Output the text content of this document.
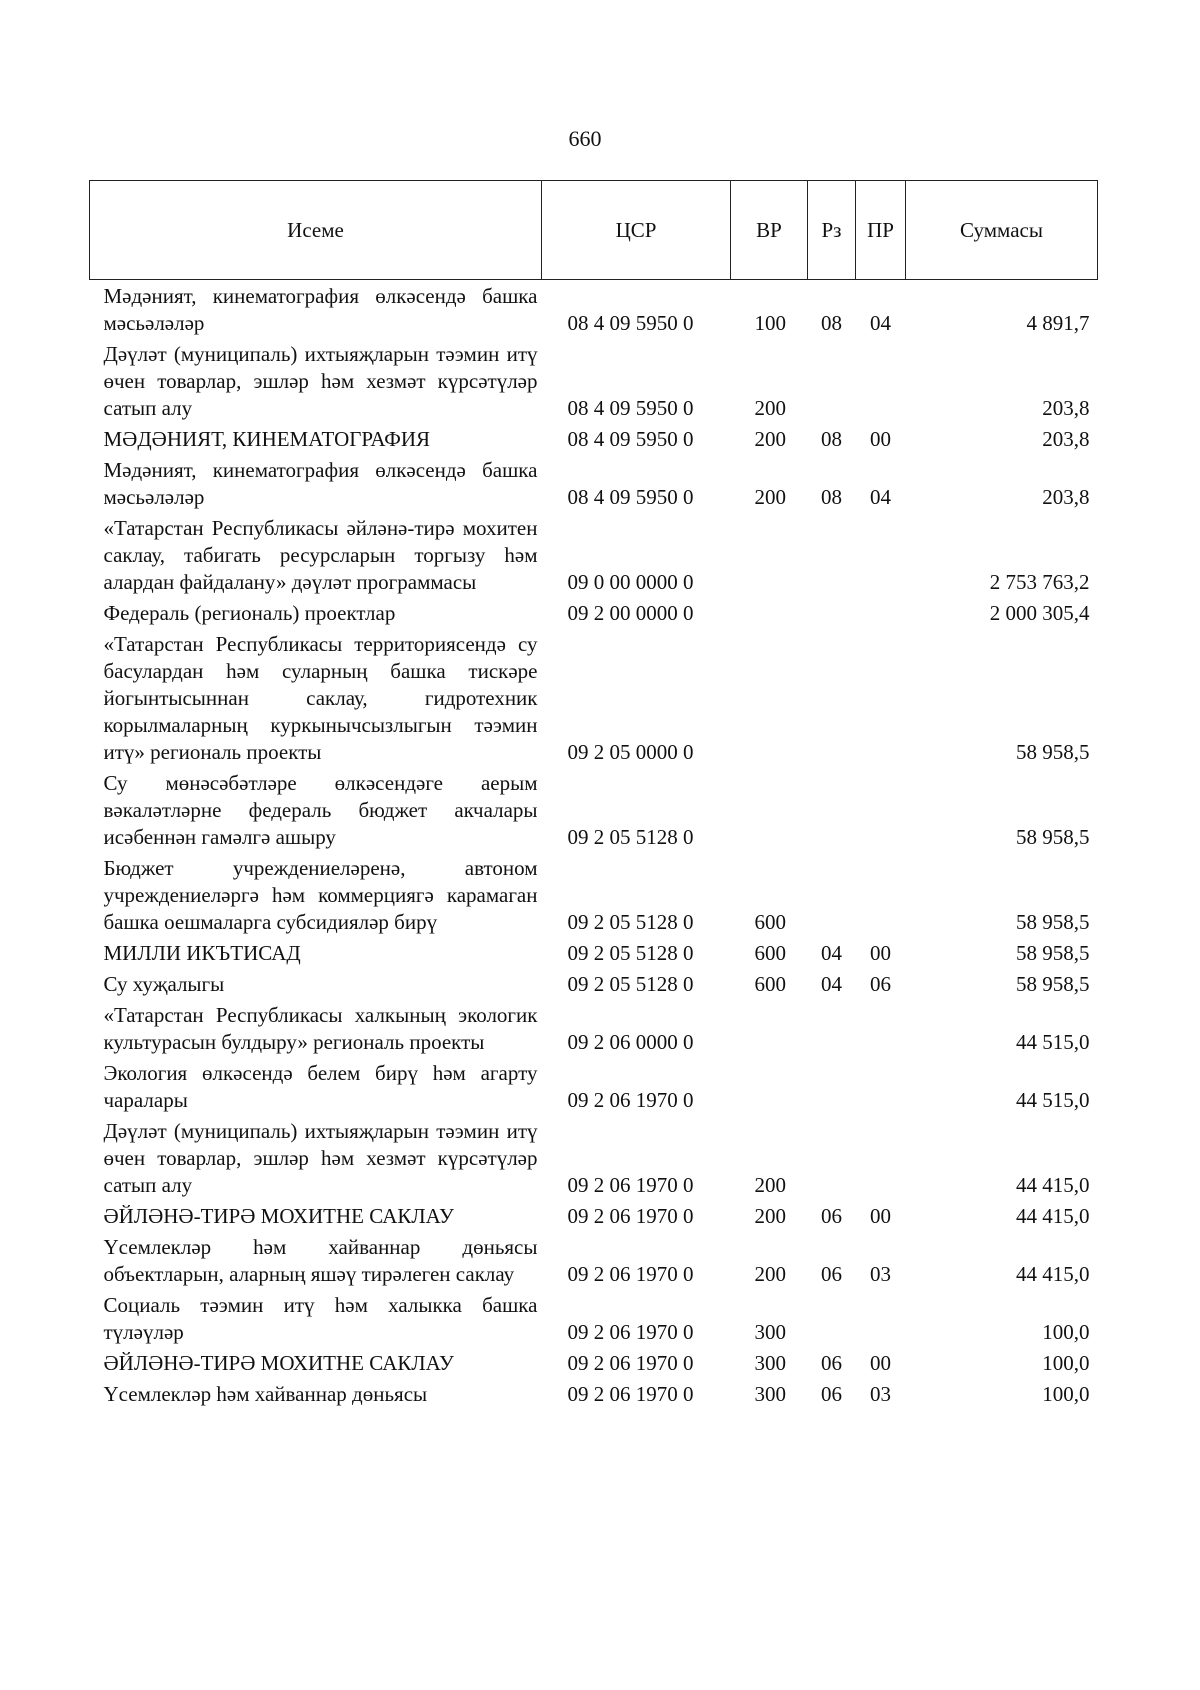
660
Исеме	ЦСР	ВР	Рз	ПР	Суммасы
Мәдәният, кинематография өлкәсендә башка мәсьәләләр	08 4 09 5950 0	100	08	04	4 891,7
Дәүләт (муниципаль) ихтыяҗларын тәэмин итү өчен товарлар, эшләр һәм хезмәт күрсәтүләр сатып алу	08 4 09 5950 0	200			203,8
МӘДӘНИЯТ, КИНЕМАТОГРАФИЯ	08 4 09 5950 0	200	08	00	203,8
Мәдәният, кинематография өлкәсендә башка мәсьәләләр	08 4 09 5950 0	200	08	04	203,8
«Татарстан Республикасы әйләнә-тирә мохитен саклау, табигать ресурсларын торгызу һәм алардан файдалану» дәүләт программасы	09 0 00 0000 0				2 753 763,2
Федераль (региональ) проектлар	09 2 00 0000 0				2 000 305,4
«Татарстан Республикасы территориясендә су басулардан һәм суларның башка тискәре йогынтысыннан саклау, гидротехник корылмаларның куркынычсызлыгын тәэмин итү» региональ проекты	09 2 05 0000 0				58 958,5
Су мөнәсәбәтләре өлкәсендәге аерым вәкаләтләрне федераль бюджет акчалары исәбеннән гамәлгә ашыру	09 2 05 5128 0				58 958,5
Бюджет учреждениеләренә, автоном учреждениеләргә һәм коммерциягә карамаган башка оешмаларга субсидияләр бирү	09 2 05 5128 0	600			58 958,5
МИЛЛИ ИКЪТИСАД	09 2 05 5128 0	600	04	00	58 958,5
Су хуҗалыгы	09 2 05 5128 0	600	04	06	58 958,5
«Татарстан Республикасы халкының экологик культурасын булдыру» региональ проекты	09 2 06 0000 0				44 515,0
Экология өлкәсендә белем бирү һәм агарту чаралары	09 2 06 1970 0				44 515,0
Дәүләт (муниципаль) ихтыяҗларын тәэмин итү өчен товарлар, эшләр һәм хезмәт күрсәтүләр сатып алу	09 2 06 1970 0	200			44 415,0
ӘЙЛӘНӘ-ТИРӘ МОХИТНЕ САКЛАУ	09 2 06 1970 0	200	06	00	44 415,0
Үсемлекләр һәм хайваннар дөньясы объектларын, аларның яшәү тирәлеген саклау	09 2 06 1970 0	200	06	03	44 415,0
Социаль тәэмин итү һәм халыкка башка түләүләр	09 2 06 1970 0	300			100,0
ӘЙЛӘНӘ-ТИРӘ МОХИТНЕ САКЛАУ	09 2 06 1970 0	300	06	00	100,0
Үсемлекләр һәм хайваннар дөньясы	09 2 06 1970 0	300	06	03	100,0
